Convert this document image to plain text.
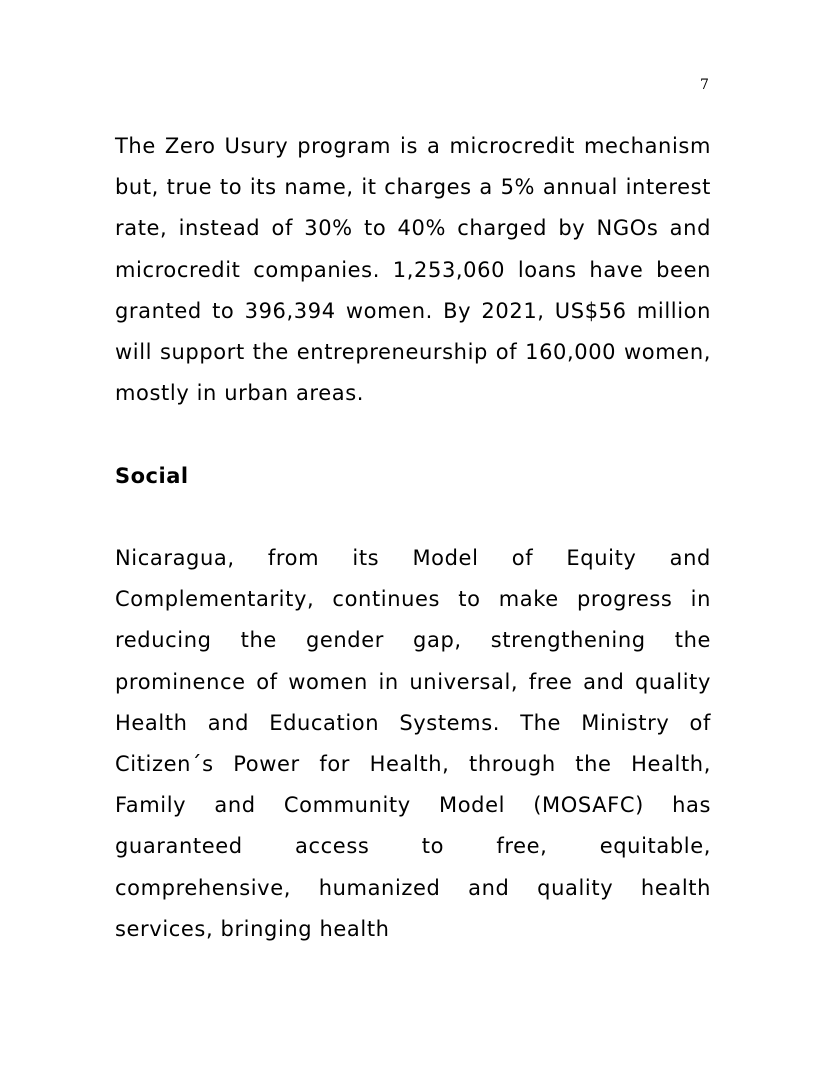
7

The Zero Usury program is a microcredit mechanism but, true to its name, it charges a 5% annual interest rate, instead of 30% to 40% charged by NGOs and microcredit companies. 1,253,060 loans have been granted to 396,394 women. By 2021, US$56 million will support the entrepreneurship of 160,000 women, mostly in urban areas.

Social

Nicaragua, from its Model of Equity and Complementarity, continues to make progress in reducing the gender gap, strengthening the prominence of women in universal, free and quality Health and Education Systems. The Ministry of Citizen´s Power for Health, through the Health, Family and Community Model (MOSAFC) has guaranteed access to free, equitable, comprehensive, humanized and quality health services, bringing health
